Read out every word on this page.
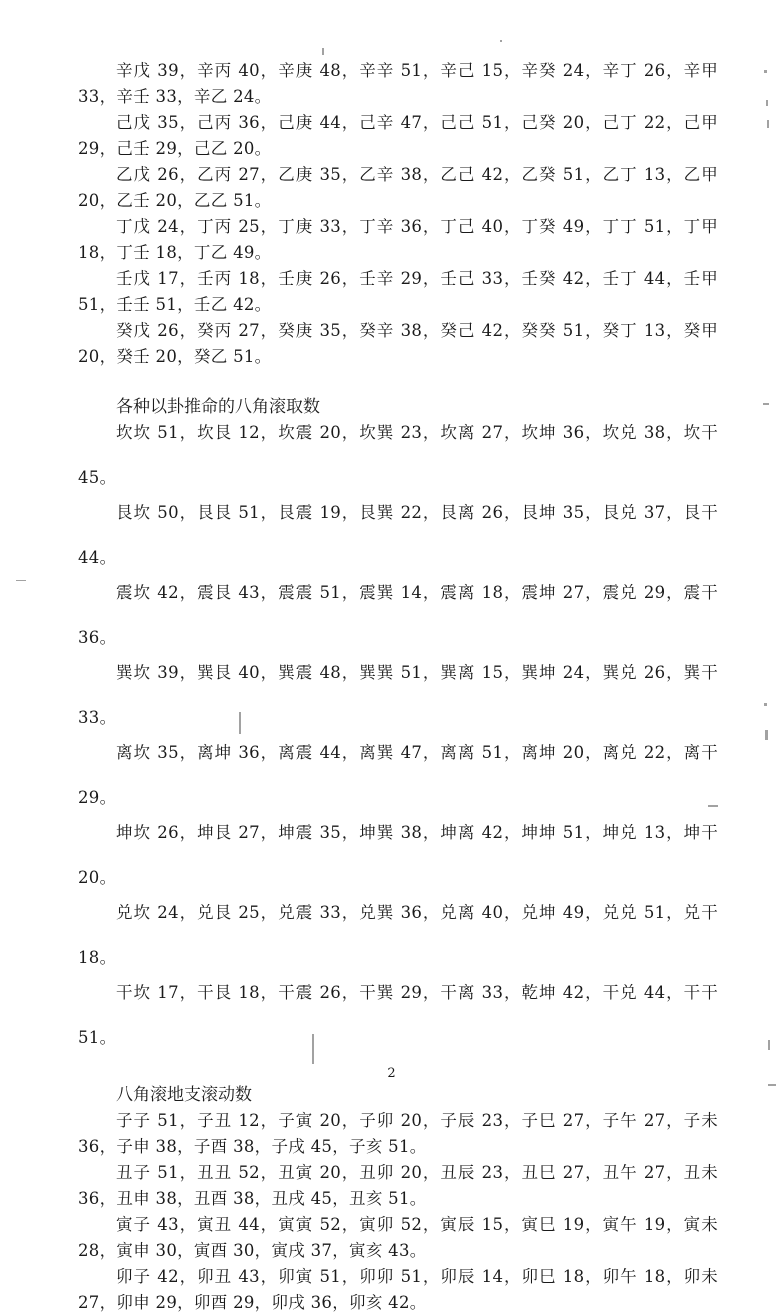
辛戊 39，辛丙 40，辛庚 48，辛辛 51，辛己 15，辛癸 24，辛丁 26，辛甲 33，辛壬 33，辛乙 24。

己戊 35，己丙 36，己庚 44，己辛 47，己己 51，己癸 20，己丁 22，己甲 29，己壬 29，己乙 20。

乙戊 26，乙丙 27，乙庚 35，乙辛 38，乙己 42，乙癸 51，乙丁 13，乙甲 20，乙壬 20，乙乙 51。

丁戊 24，丁丙 25，丁庚 33，丁辛 36，丁己 40，丁癸 49，丁丁 51，丁甲 18，丁壬 18，丁乙 49。

壬戊 17，壬丙 18，壬庚 26，壬辛 29，壬己 33，壬癸 42，壬丁 44，壬甲 51，壬壬 51，壬乙 42。

癸戊 26，癸丙 27，癸庚 35，癸辛 38，癸己 42，癸癸 51，癸丁 13，癸甲 20，癸壬 20，癸乙 51。

各种以卦推命的八角滚取数

坎坎 51，坎艮 12，坎震 20，坎巽 23，坎离 27，坎坤 36，坎兑 38，坎干 45。

艮坎 50，艮艮 51，艮震 19，艮巽 22，艮离 26，艮坤 35，艮兑 37，艮干 44。

震坎 42，震艮 43，震震 51，震巽 14，震离 18，震坤 27，震兑 29，震干 36。

巽坎 39，巽艮 40，巽震 48，巽巽 51，巽离 15，巽坤 24，巽兑 26，巽干 33。

离坎 35，离坤 36，离震 44，离巽 47，离离 51，离坤 20，离兑 22，离干 29。

坤坎 26，坤艮 27，坤震 35，坤巽 38，坤离 42，坤坤 51，坤兑 13，坤干 20。

兑坎 24，兑艮 25，兑震 33，兑巽 36，兑离 40，兑坤 49，兑兑 51，兑干 18。

干坎 17，干艮 18，干震 26，干巽 29，干离 33，乾坤 42，干兑 44，干干 51。

八角滚地支滚动数

子子 51，子丑 12，子寅 20，子卯 20，子辰 23，子巳 27，子午 27，子未 36，子申 38，子酉 38，子戌 45，子亥 51。

丑子 51，丑丑 52，丑寅 20，丑卯 20，丑辰 23，丑巳 27，丑午 27，丑未 36，丑申 38，丑酉 38，丑戌 45，丑亥 51。

寅子 43，寅丑 44，寅寅 52，寅卯 52，寅辰 15，寅巳 19，寅午 19，寅未 28，寅申 30，寅酉 30，寅戌 37，寅亥 43。

卯子 42，卯丑 43，卯寅 51，卯卯 51，卯辰 14，卯巳 18，卯午 18，卯未 27，卯申 29，卯酉 29，卯戌 36，卯亥 42。

2
